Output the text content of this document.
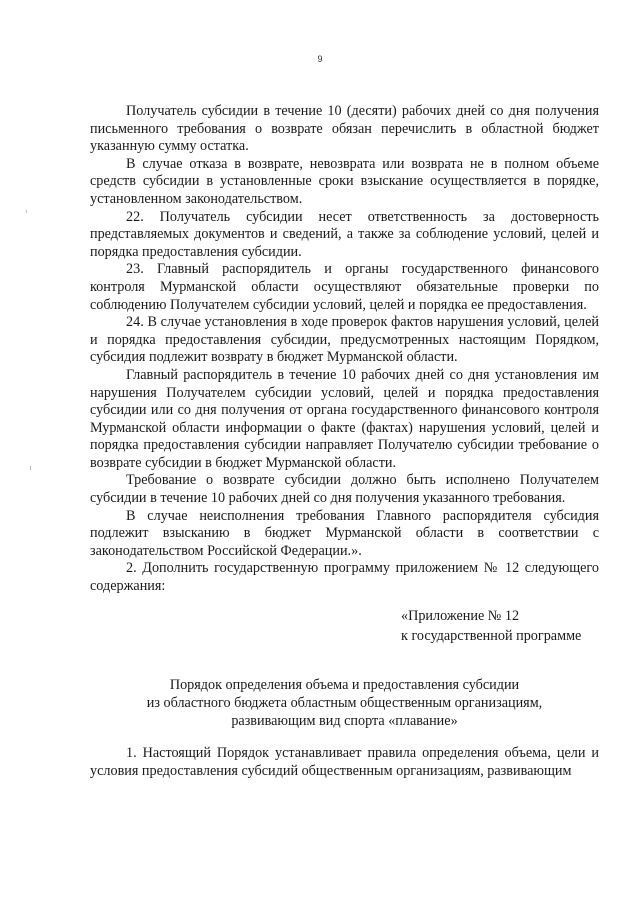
9

Получатель субсидии в течение 10 (десяти) рабочих дней со дня получения письменного требования о возврате обязан перечислить в областной бюджет указанную сумму остатка.

В случае отказа в возврате, невозврата или возврата не в полном объеме средств субсидии в установленные сроки взыскание осуществляется в порядке, установленном законодательством.

22. Получатель субсидии несет ответственность за достоверность представляемых документов и сведений, а также за соблюдение условий, целей и порядка предоставления субсидии.

23. Главный распорядитель и органы государственного финансового контроля Мурманской области осуществляют обязательные проверки по соблюдению Получателем субсидии условий, целей и порядка ее предоставления.

24. В случае установления в ходе проверок фактов нарушения условий, целей и порядка предоставления субсидии, предусмотренных настоящим Порядком, субсидия подлежит возврату в бюджет Мурманской области.

Главный распорядитель в течение 10 рабочих дней со дня установления им нарушения Получателем субсидии условий, целей и порядка предоставления субсидии или со дня получения от органа государственного финансового контроля Мурманской области информации о факте (фактах) нарушения условий, целей и порядка предоставления субсидии направляет Получателю субсидии требование о возврате субсидии в бюджет Мурманской области.

Требование о возврате субсидии должно быть исполнено Получателем субсидии в течение 10 рабочих дней со дня получения указанного требования.

В случае неисполнения требования Главного распорядителя субсидия подлежит взысканию в бюджет Мурманской области в соответствии с законодательством Российской Федерации.».

2. Дополнить государственную программу приложением № 12 следующего содержания:

«Приложение № 12
к государственной программе
Порядок определения объема и предоставления субсидии
из областного бюджета областным общественным организациям,
развивающим вид спорта «плавание»

1. Настоящий Порядок устанавливает правила определения объема, цели и условия предоставления субсидий общественным организациям, развивающим
